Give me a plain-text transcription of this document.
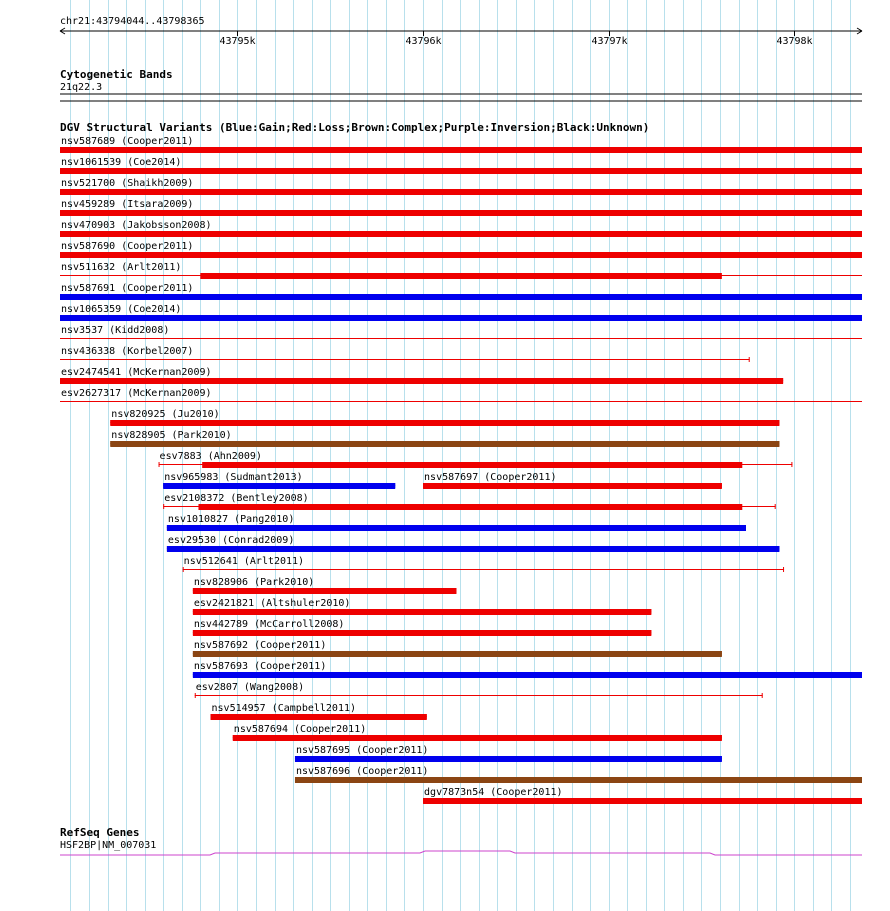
chr21:43794044..43798365
43795k	43796k	43797k	43798k
Cytogenetic Bands
21q22.3
DGV Structural Variants (Blue:Gain;Red:Loss;Brown:Complex;Purple:Inversion;Black:Unknown)
nsv587689 (Cooper2011)
nsv1061539 (Coe2014)
nsv521700 (Shaikh2009)
nsv459289 (Itsara2009)
nsv470903 (Jakobsson2008)
nsv587690 (Cooper2011)
nsv511632 (Arlt2011)
nsv587691 (Cooper2011)
nsv1065359 (Coe2014)
nsv3537 (Kidd2008)
nsv436338 (Korbel2007)
esv2474541 (McKernan2009)
esv2627317 (McKernan2009)
nsv820925 (Ju2010)
nsv828905 (Park2010)
esv7883 (Ahn2009)
nsv965983 (Sudmant2013)	nsv587697 (Cooper2011)
esv2108372 (Bentley2008)
nsv1010827 (Pang2010)
esv29530 (Conrad2009)
nsv512641 (Arlt2011)
nsv828906 (Park2010)
esv2421821 (Altshuler2010)
nsv442789 (McCarroll2008)
nsv587692 (Cooper2011)
nsv587693 (Cooper2011)
esv2807 (Wang2008)
nsv514957 (Campbell2011)
nsv587694 (Cooper2011)
nsv587695 (Cooper2011)
nsv587696 (Cooper2011)
dgv7873n54 (Cooper2011)
RefSeq Genes
HSF2BP|NM_007031
